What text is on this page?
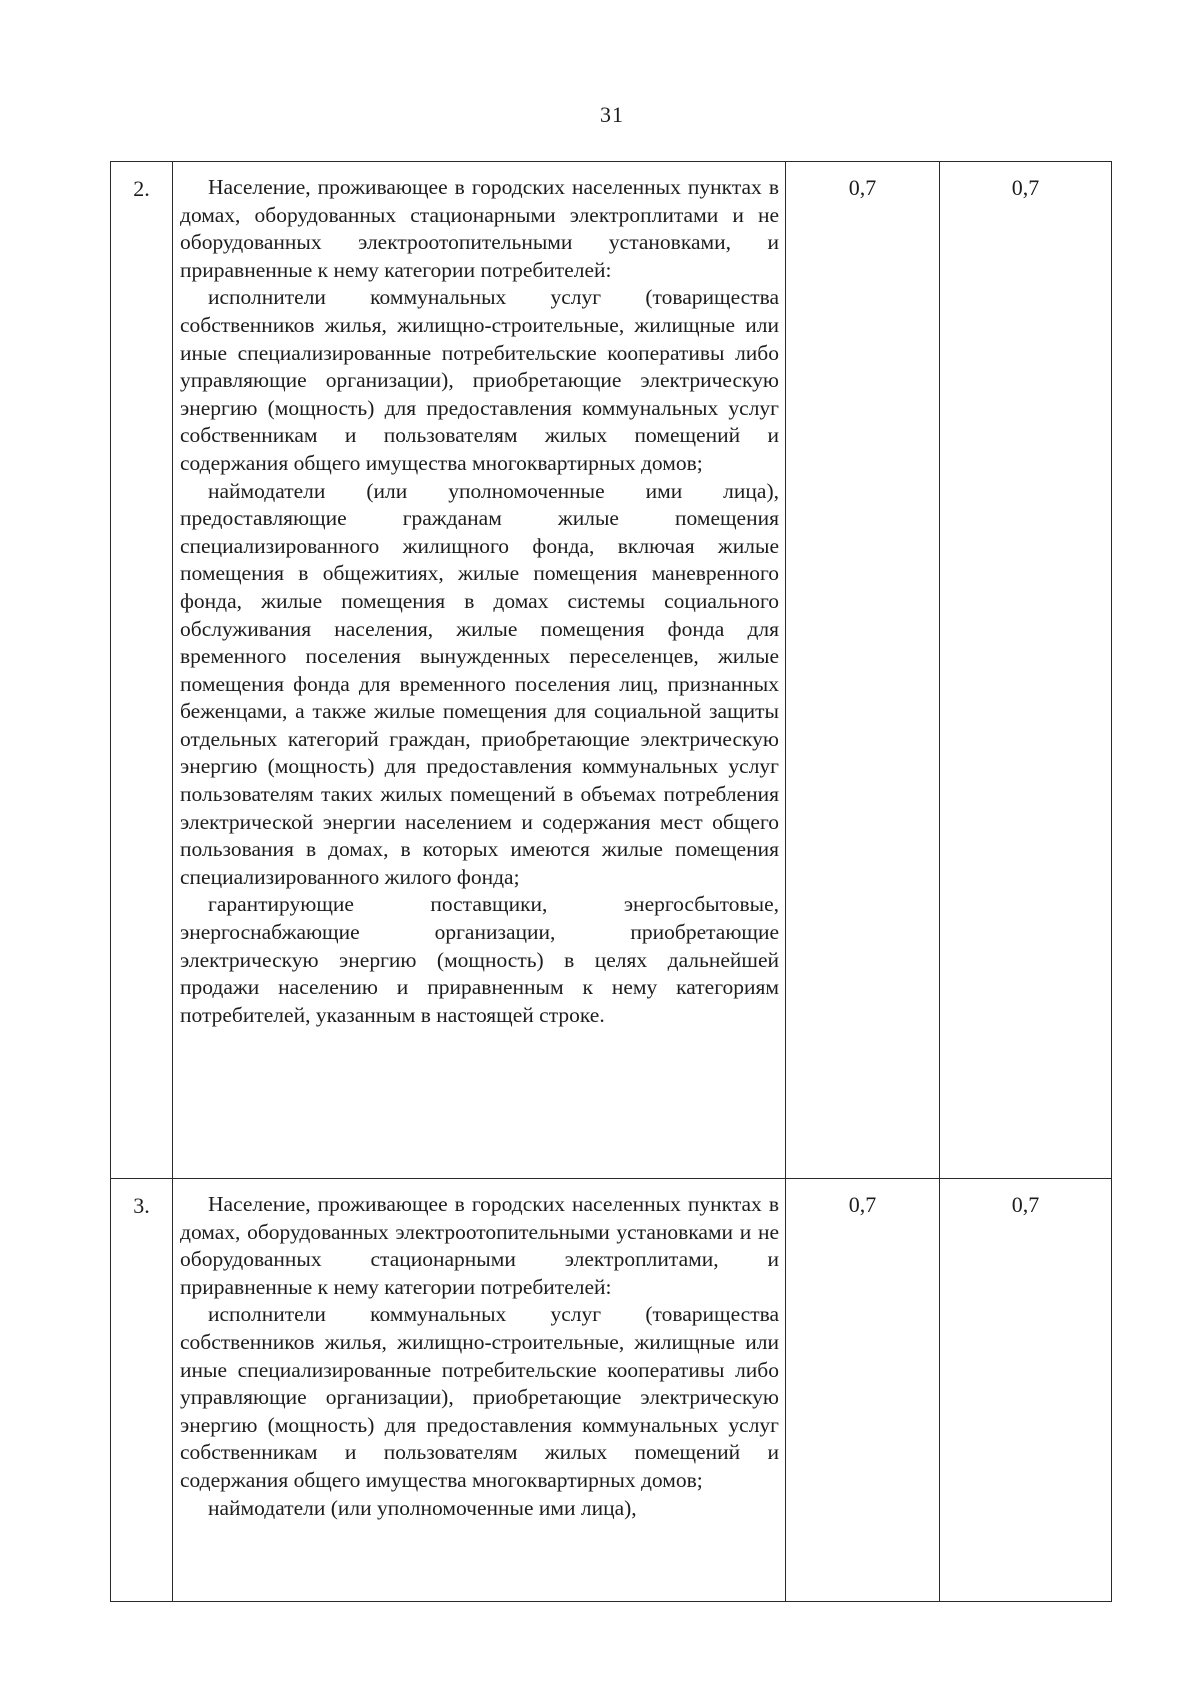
31
2.	Население, проживающее в городских населенных пунктах в домах, оборудованных стационарными электроплитами и не оборудованных электроотопительными установками, и приравненные к нему категории потребителей:

исполнители коммунальных услуг (товарищества собственников жилья, жилищно-строительные, жилищные или иные специализированные потребительские кооперативы либо управляющие организации), приобретающие электрическую энергию (мощность) для предоставления коммунальных услуг собственникам и пользователям жилых помещений и содержания общего имущества многоквартирных домов;

наймодатели (или уполномоченные ими лица), предоставляющие гражданам жилые помещения специализированного жилищного фонда, включая жилые помещения в общежитиях, жилые помещения маневренного фонда, жилые помещения в домах системы социального обслуживания населения, жилые помещения фонда для временного поселения вынужденных переселенцев, жилые помещения фонда для временного поселения лиц, признанных беженцами, а также жилые помещения для социальной защиты отдельных категорий граждан, приобретающие электрическую энергию (мощность) для предоставления коммунальных услуг пользователям таких жилых помещений в объемах потребления электрической энергии населением и содержания мест общего пользования в домах, в которых имеются жилые помещения специализированного жилого фонда;

гарантирующие поставщики, энергосбытовые, энергоснабжающие организации, приобретающие электрическую энергию (мощность) в целях дальнейшей продажи населению и приравненным к нему категориям потребителей, указанным в настоящей строке.	0,7	0,7
3.	Население, проживающее в городских населенных пунктах в домах, оборудованных электроотопительными установками и не оборудованных стационарными электроплитами, и приравненные к нему категории потребителей:

исполнители коммунальных услуг (товарищества собственников жилья, жилищно-строительные, жилищные или иные специализированные потребительские кооперативы либо управляющие организации), приобретающие электрическую энергию (мощность) для предоставления коммунальных услуг собственникам и пользователям жилых помещений и содержания общего имущества многоквартирных домов;

наймодатели (или уполномоченные ими лица),	0,7	0,7
